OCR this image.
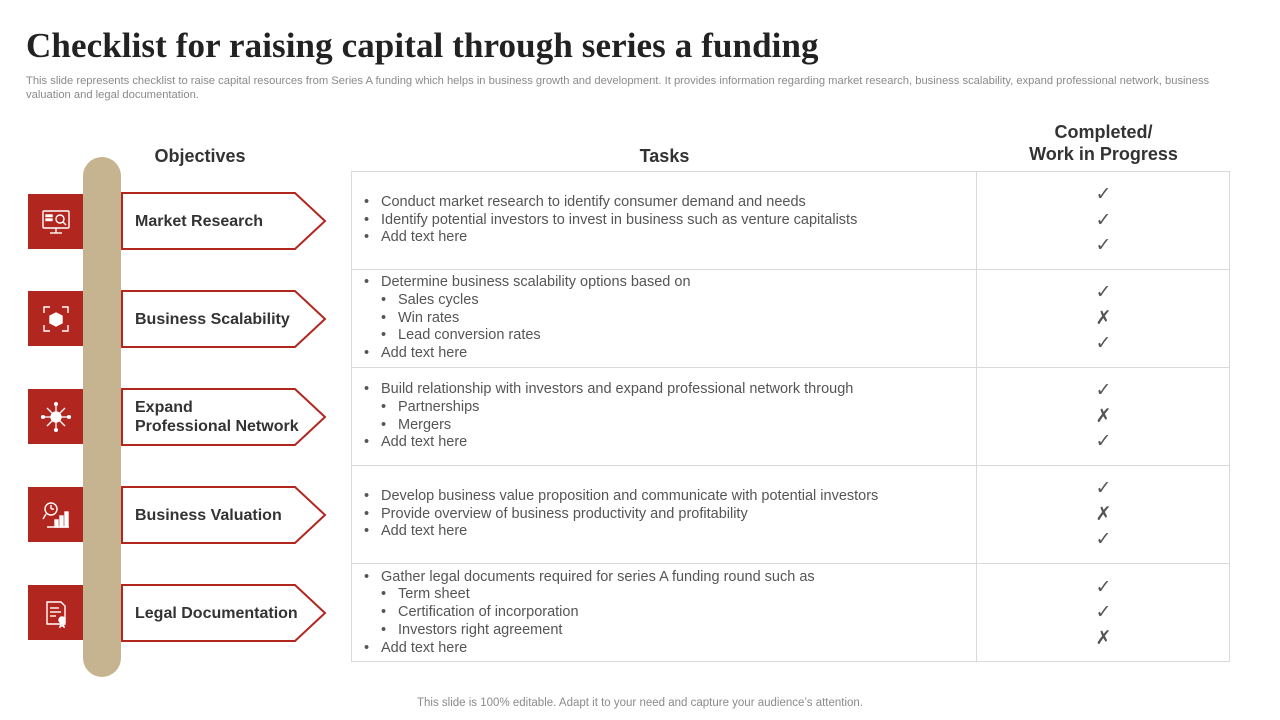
Checklist for raising capital through series a funding
This slide represents checklist to raise capital resources from Series A funding which helps in business growth and development. It provides information regarding market research, business scalability, expand professional network, business valuation and legal documentation.
Objectives	Tasks
Completed/
Work in Progress
Market Research
Business Scalability
Expand
Professional Network
Business Valuation
Legal Documentation
• Conduct market research to identify consumer demand and needs
• Identify potential investors to invest in business such as venture capitalists
• Add text here
✓
✓
✓
• Determine business scalability options based on
• Sales cycles
• Win rates
• Lead conversion rates
• Add text here
✓
✗
✓
• Build relationship with investors and expand professional network through
• Partnerships
• Mergers
• Add text here
✓
✗
✓
• Develop business value proposition and communicate with potential investors
• Provide overview of business productivity and profitability
• Add text here
✓
✗
✓
• Gather legal documents required for series A funding round such as
• Term sheet
• Certification of incorporation
• Investors right agreement
• Add text here
✓
✓
✗
This slide is 100% editable. Adapt it to your need and capture your audience’s attention.
